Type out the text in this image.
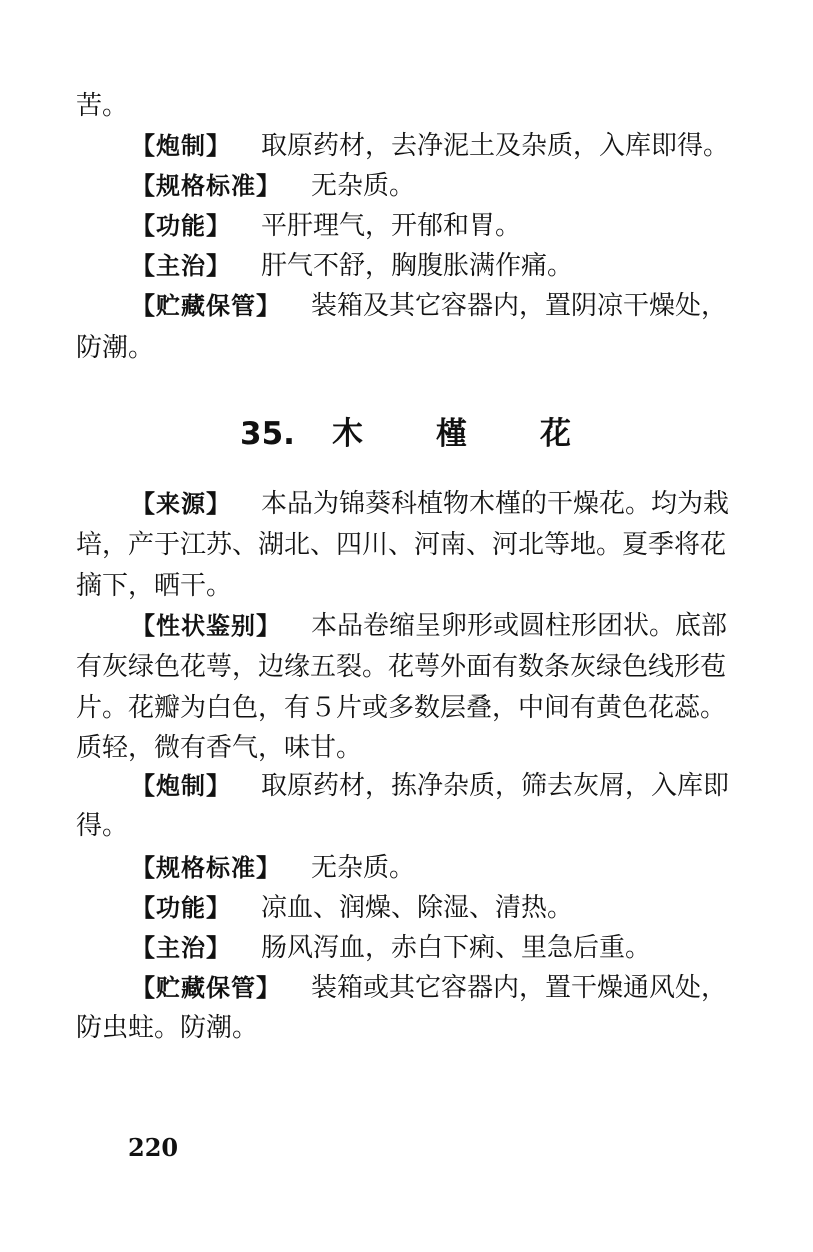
苦。
【炮制】 取原药材，去净泥土及杂质，入库即得。
【规格标准】 无杂质。
【功能】 平肝理气，开郁和胃。
【主治】 肝气不舒，胸腹胀满作痛。
【贮藏保管】 装箱及其它容器内，置阴凉干燥处，
防潮。
35. 木 槿 花
【来源】 本品为锦葵科植物木槿的干燥花。均为栽
培，产于江苏、湖北、四川、河南、河北等地。夏季将花
摘下，晒干。
【性状鉴别】 本品卷缩呈卵形或圆柱形团状。底部
有灰绿色花萼，边缘五裂。花萼外面有数条灰绿色线形苞
片。花瓣为白色，有５片或多数层叠，中间有黄色花蕊。
质轻，微有香气，味甘。
【炮制】 取原药材，拣净杂质，筛去灰屑，入库即
得。
【规格标准】 无杂质。
【功能】 凉血、润燥、除湿、清热。
【主治】 肠风泻血，赤白下痢、里急后重。
【贮藏保管】 装箱或其它容器内，置干燥通风处，
防虫蛀。防潮。
220
